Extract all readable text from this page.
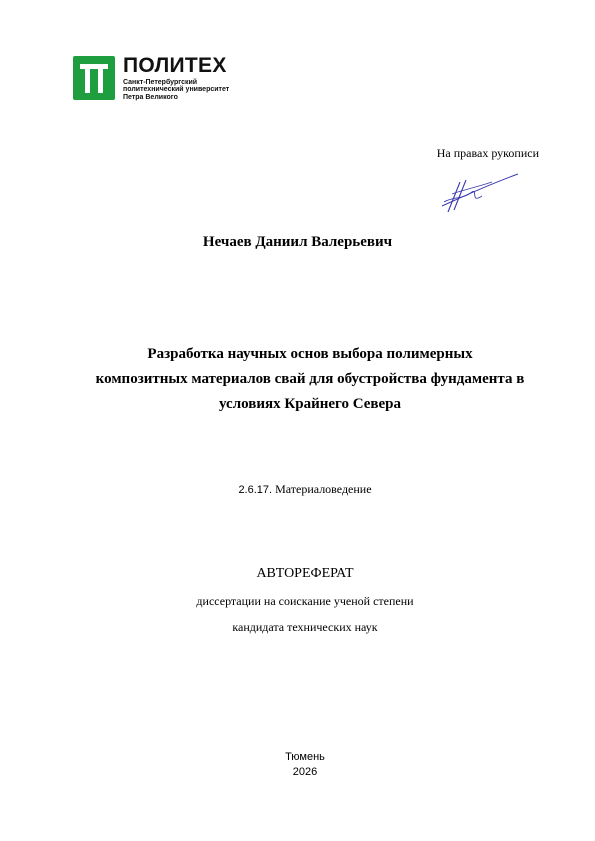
ПОЛИТЕХ
Санкт-Петербургский
политехнический университет
Петра Великого
На правах рукописи
Нечаев Даниил Валерьевич
Разработка научных основ выбора полимерных
композитных материалов свай для обустройства фундамента в
условиях Крайнего Севера
2.6.17. Материаловедение
АВТОРЕФЕРАТ
диссертации на соискание ученой степени
кандидата технических наук
Тюмень
2026
